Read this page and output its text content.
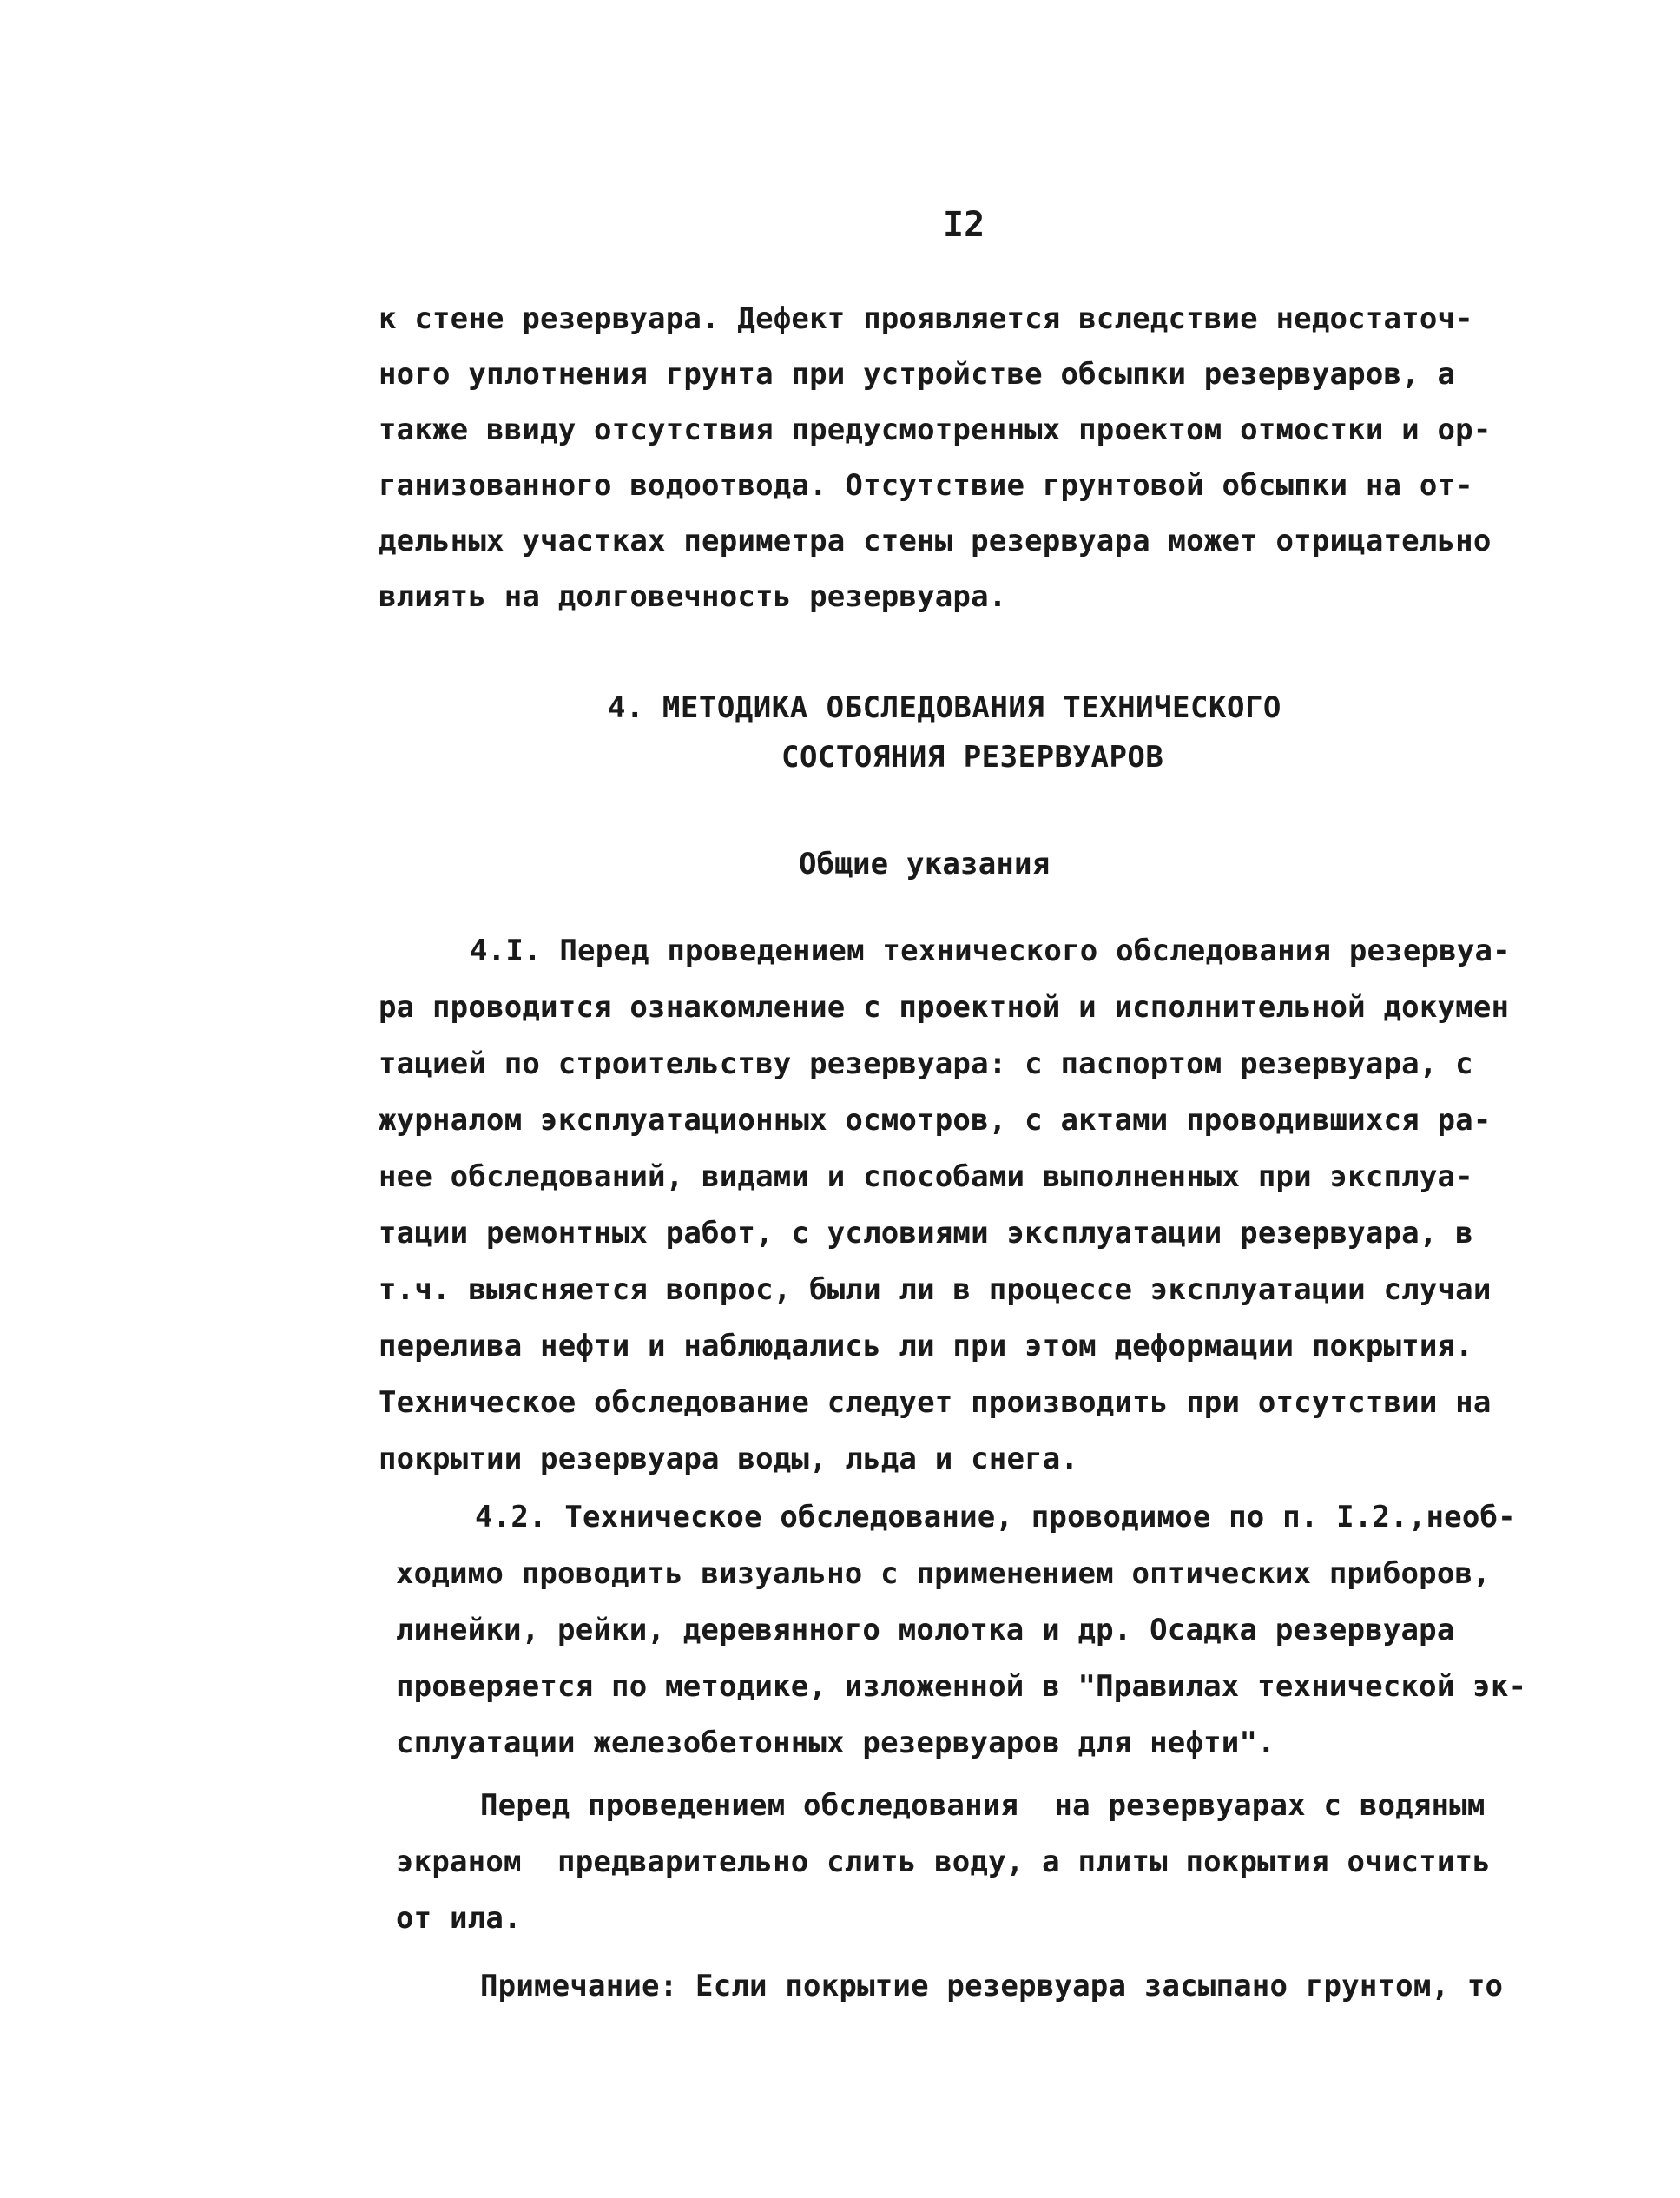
I2
к стене резервуара. Дефект проявляется вследствие недостаточ-
ного уплотнения грунта при устройстве обсыпки резервуаров, а
также ввиду отсутствия предусмотренных проектом отмостки и ор-
ганизованного водоотвода. Отсутствие грунтовой обсыпки на от-
дельных участках периметра стены резервуара может отрицательно
влиять на долговечность резервуара.
4. МЕТОДИКА ОБСЛЕДОВАНИЯ ТЕХНИЧЕСКОГО
СОСТОЯНИЯ РЕЗЕРВУАРОВ
Общие указания
4.I. Перед проведением технического обследования резервуа-
ра проводится ознакомление с проектной и исполнительной докумен
тацией по строительству резервуара: с паспортом резервуара, с
журналом эксплуатационных осмотров, с актами проводившихся ра-
нее обследований, видами и способами выполненных при эксплуа-
тации ремонтных работ, с условиями эксплуатации резервуара, в
т.ч. выясняется вопрос, были ли в процессе эксплуатации случаи
перелива нефти и наблюдались ли при этом деформации покрытия.
Техническое обследование следует производить при отсутствии на
покрытии резервуара воды, льда и снега.
4.2. Техническое обследование, проводимое по п. I.2.,необ-
ходимо проводить визуально с применением оптических приборов,
линейки, рейки, деревянного молотка и др. Осадка резервуара
проверяется по методике, изложенной в "Правилах технической эк-
сплуатации железобетонных резервуаров для нефти".
Перед проведением обследования  на резервуарах с водяным
экраном  предварительно слить воду, а плиты покрытия очистить
от ила.
Примечание: Если покрытие резервуара засыпано грунтом, то
